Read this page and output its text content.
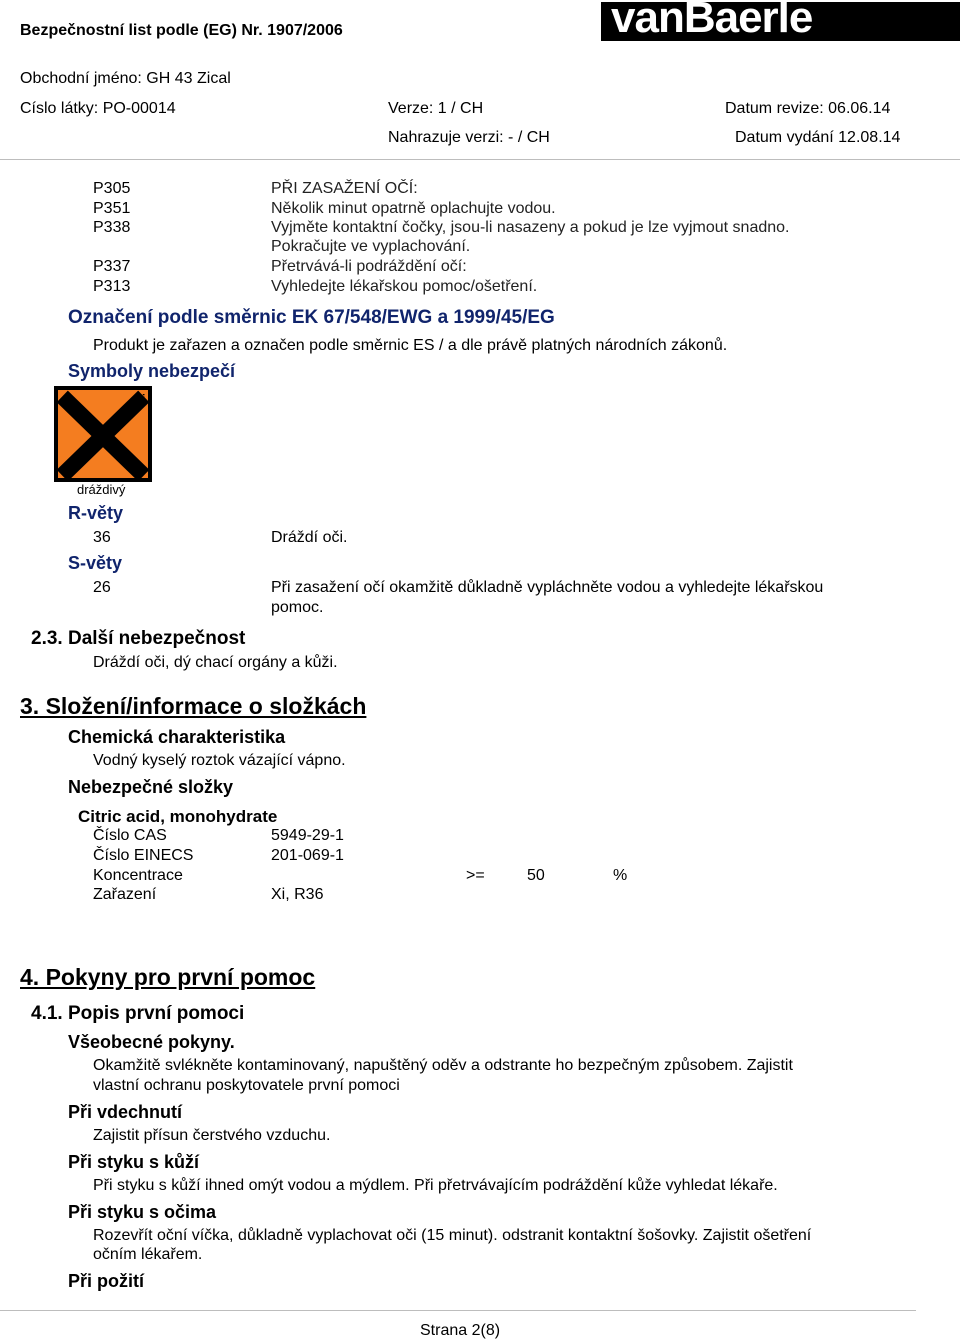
Bezpečnostní list podle (EG) Nr. 1907/2006	vanBaerle
Obchodní jméno: GH 43 Zical
Císlo látky: PO-00014	Verze: 1 / CH	Datum revize: 06.06.14
Nahrazuje verzi: - / CH	Datum vydání 12.08.14
P305	PŘI ZASAŽENÍ OČÍ:
P351	Několik minut opatrně oplachujte vodou.
P338	Vyjměte kontaktní čočky, jsou-li nasazeny a pokud je lze vyjmout snadno.
Pokračujte ve vyplachování.
P337	Přetrvává-li podráždění očí:
P313	Vyhledejte lékařskou pomoc/ošetření.
Označení podle směrnic EK 67/548/EWG a 1999/45/EG
Produkt je zařazen a označen podle směrnic ES / a dle právě platných národních zákonů.
Symboly nebezpečí
Xi
dráždivý
R-věty
36	Dráždí oči.
S-věty
26	Při zasažení očí okamžitě důkladně vypláchněte vodou a vyhledejte lékařskou
pomoc.
2.3. Další nebezpečnost
Dráždí oči, dý chací orgány a kůži.
3. Složení/informace o složkách
Chemická charakteristika
Vodný kyselý roztok vázající vápno.
Nebezpečné složky
Citric acid, monohydrate
Číslo CAS	5949-29-1
Číslo EINECS	201-069-1
Koncentrace	>=	50	%
Zařazení	Xi, R36
4. Pokyny pro první pomoc
4.1. Popis první pomoci
Všeobecné pokyny.
Okamžitě svlékněte kontaminovaný, napuštěný oděv a odstrante ho bezpečným způsobem. Zajistit
vlastní ochranu poskytovatele první pomoci
Při vdechnutí
Zajistit přísun čerstvého vzduchu.
Při styku s kůží
Při styku s kůží ihned omýt vodou a mýdlem. Při přetrvávajícím podráždění kůže vyhledat lékaře.
Při styku s očima
Rozevřít oční víčka, důkladně vyplachovat oči (15 minut). odstranit kontaktní šošovky. Zajistit ošetření
očním lékařem.
Při požití
Strana 2(8)
